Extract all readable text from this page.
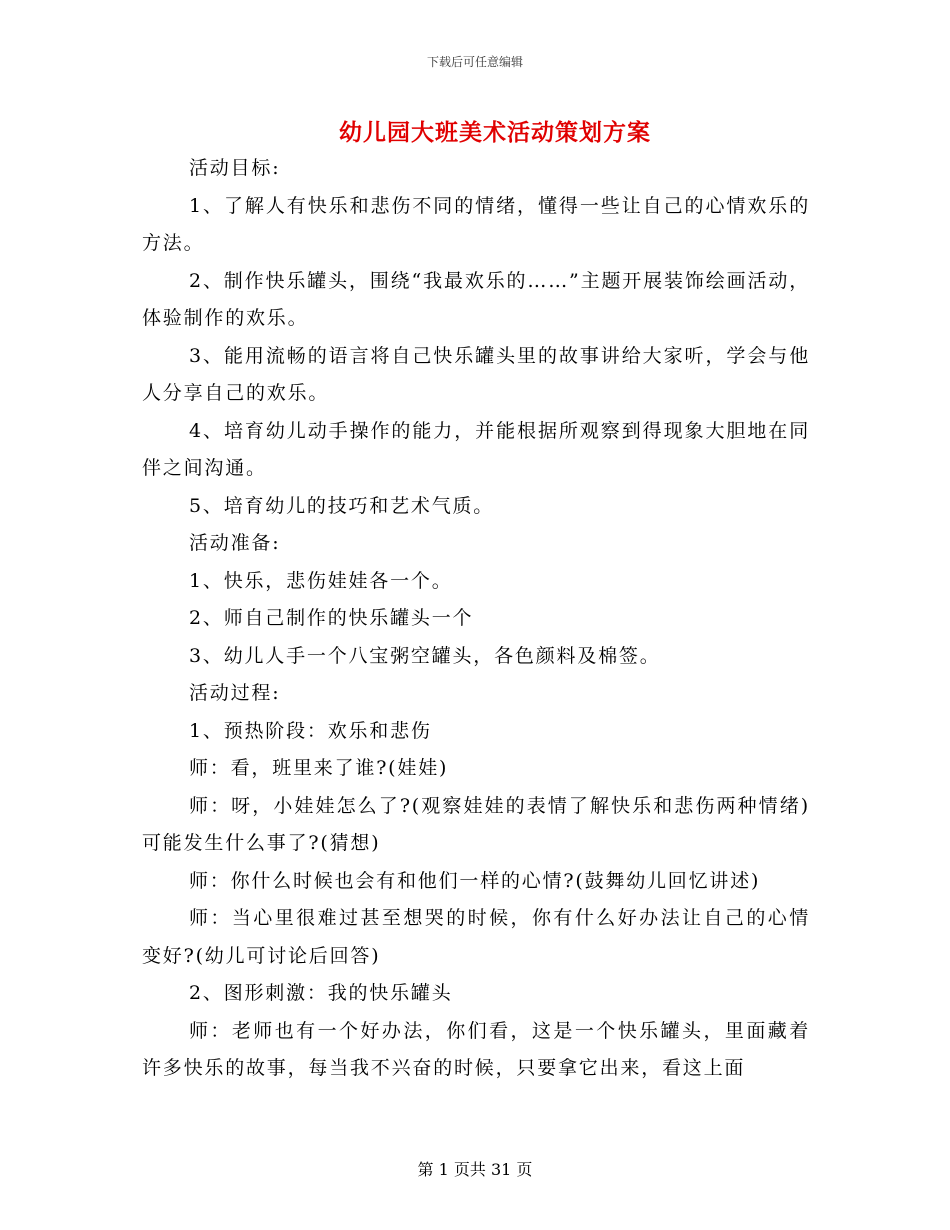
下载后可任意编辑
幼儿园大班美术活动策划方案

活动目标:

1、了解人有快乐和悲伤不同的情绪，懂得一些让自己的心情欢乐的方法。

2、制作快乐罐头，围绕“我最欢乐的……”主题开展装饰绘画活动，体验制作的欢乐。

3、能用流畅的语言将自己快乐罐头里的故事讲给大家听，学会与他人分享自己的欢乐。

4、培育幼儿动手操作的能力，并能根据所观察到得现象大胆地在同伴之间沟通。

5、培育幼儿的技巧和艺术气质。

活动准备:

1、快乐，悲伤娃娃各一个。

2、师自己制作的快乐罐头一个

3、幼儿人手一个八宝粥空罐头，各色颜料及棉签。

活动过程:

1、预热阶段：欢乐和悲伤

师：看，班里来了谁?(娃娃)

师：呀，小娃娃怎么了?(观察娃娃的表情了解快乐和悲伤两种情绪)可能发生什么事了?(猜想)

师：你什么时候也会有和他们一样的心情?(鼓舞幼儿回忆讲述)

师：当心里很难过甚至想哭的时候，你有什么好办法让自己的心情变好?(幼儿可讨论后回答)

2、图形刺激：我的快乐罐头

师：老师也有一个好办法，你们看，这是一个快乐罐头，里面藏着许多快乐的故事，每当我不兴奋的时候，只要拿它出来，看这上面

第 1 页共 31 页
